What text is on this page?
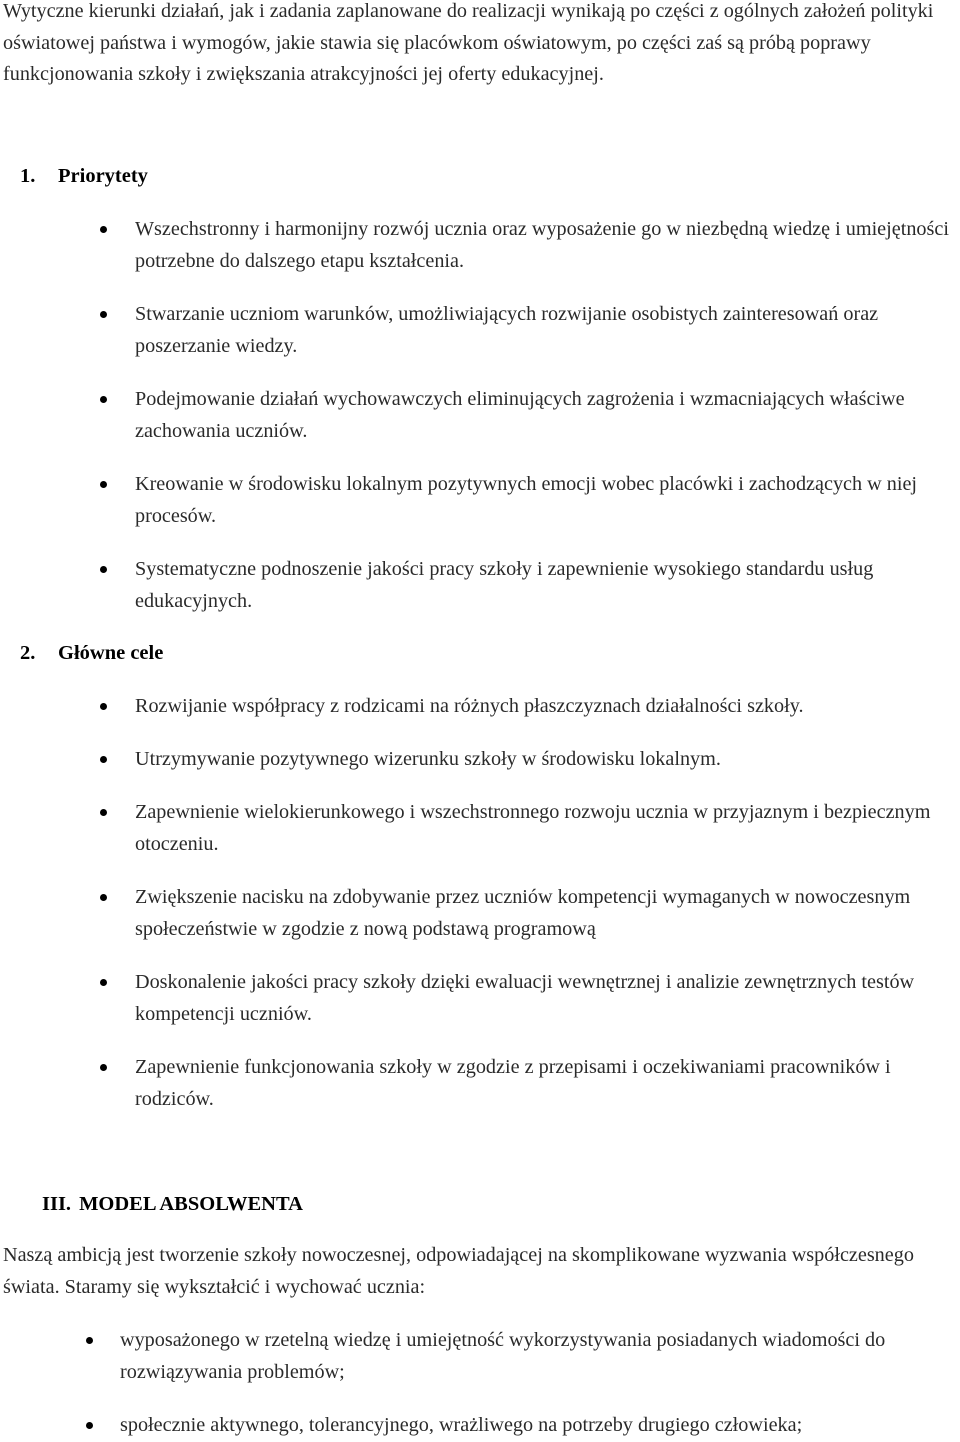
Wytyczne kierunki działań, jak i zadania zaplanowane do realizacji wynikają po części z ogólnych założeń polityki oświatowej państwa i wymogów, jakie stawia się placówkom oświatowym, po części zaś są próbą poprawy funkcjonowania szkoły i zwiększania atrakcyjności jej oferty edukacyjnej.

1. Priorytety

Wszechstronny i harmonijny rozwój ucznia oraz wyposażenie go w niezbędną wiedzę i umiejętności potrzebne do dalszego etapu kształcenia.

Stwarzanie uczniom warunków, umożliwiających rozwijanie osobistych zainteresowań oraz poszerzanie wiedzy.

Podejmowanie działań wychowawczych eliminujących zagrożenia i wzmacniających właściwe zachowania uczniów.

Kreowanie w środowisku lokalnym pozytywnych emocji wobec placówki i zachodzących w niej procesów.

Systematyczne podnoszenie jakości pracy szkoły i zapewnienie wysokiego standardu usług edukacyjnych.

2. Główne cele

Rozwijanie współpracy z rodzicami na różnych płaszczyznach działalności szkoły.

Utrzymywanie pozytywnego wizerunku szkoły w środowisku lokalnym.

Zapewnienie wielokierunkowego i wszechstronnego rozwoju ucznia w przyjaznym i bezpiecznym otoczeniu.

Zwiększenie nacisku na zdobywanie przez uczniów kompetencji wymaganych w nowoczesnym społeczeństwie w zgodzie z nową podstawą programową

Doskonalenie jakości pracy szkoły dzięki ewaluacji wewnętrznej i analizie zewnętrznych testów kompetencji uczniów.

Zapewnienie funkcjonowania szkoły w zgodzie z przepisami i oczekiwaniami pracowników i rodziców.

III. MODEL ABSOLWENTA

Naszą ambicją jest tworzenie szkoły nowoczesnej, odpowiadającej na skomplikowane wyzwania współczesnego świata. Staramy się wykształcić i wychować ucznia:

wyposażonego w rzetelną wiedzę i umiejętność wykorzystywania posiadanych wiadomości do rozwiązywania problemów;

społecznie aktywnego, tolerancyjnego, wrażliwego na potrzeby drugiego człowieka;
